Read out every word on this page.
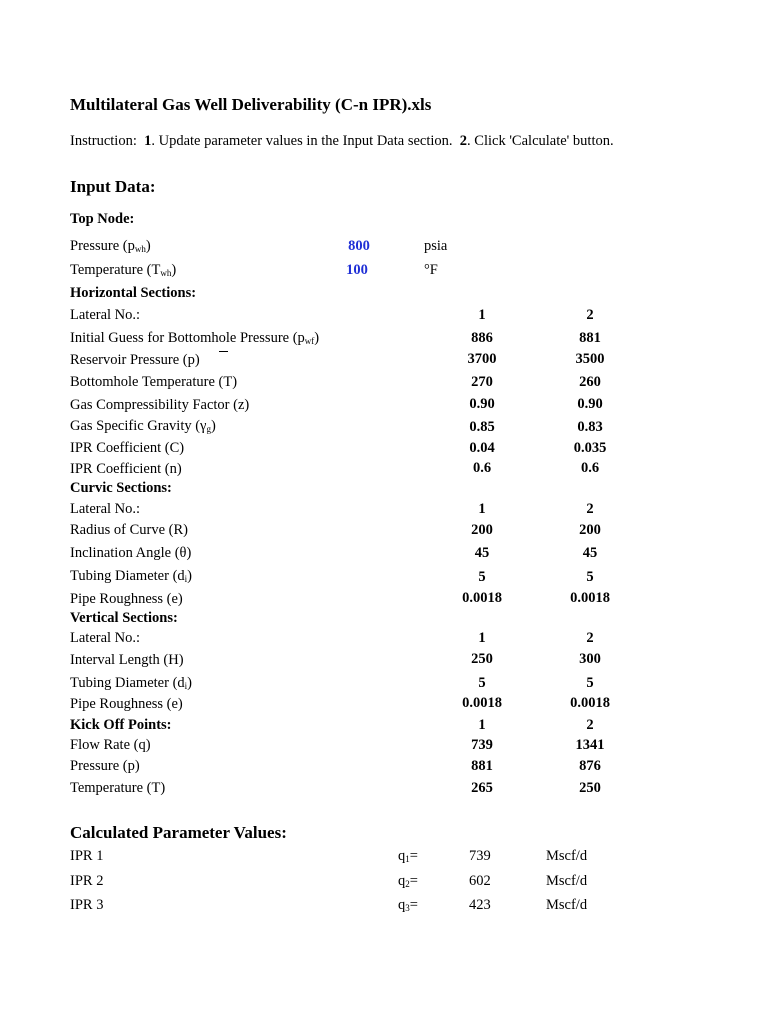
Multilateral Gas Well Deliverability (C-n IPR).xls
Instruction: 1. Update parameter values in the Input Data section. 2. Click 'Calculate' button.
Input Data:
Top Node:
Pressure $(p_{wh})$	800	psia
Temperature $(T_{wh})$	100	°F
Horizontal Sections:
Lateral No.:	1	2
Initial Guess for Bottomhole Pressure $(p_{wf})$	886	881
Reservoir Pressure (p)	3700	3500
Bottomhole Temperature (T)	270	260
Gas Compressibility Factor (z)	0.90	0.90
Gas Specific Gravity $(\gamma_g)$	0.85	0.83
IPR Coefficient (C)	0.04	0.035
IPR Coefficient (n)	0.6	0.6
Curvic Sections:
Lateral No.:	1	2
Radius of Curve (R)	200	200
Inclination Angle (θ)	45	45
Tubing Diameter $(d_i)$	5	5
Pipe Roughness (e)	0.0018	0.0018
Vertical Sections:
Lateral No.:	1	2
Interval Length (H)	250	300
Tubing Diameter $(d_i)$	5	5
Pipe Roughness (e)	0.0018	0.0018
Kick Off Points:	1	2
Flow Rate (q)	739	1341
Pressure (p)	881	876
Temperature (T)	265	250
Calculated Parameter Values:
IPR 1	$q_1=$	739	Mscf/d
IPR 2	$q_2=$	602	Mscf/d
IPR 3	$q_3=$	423	Mscf/d
